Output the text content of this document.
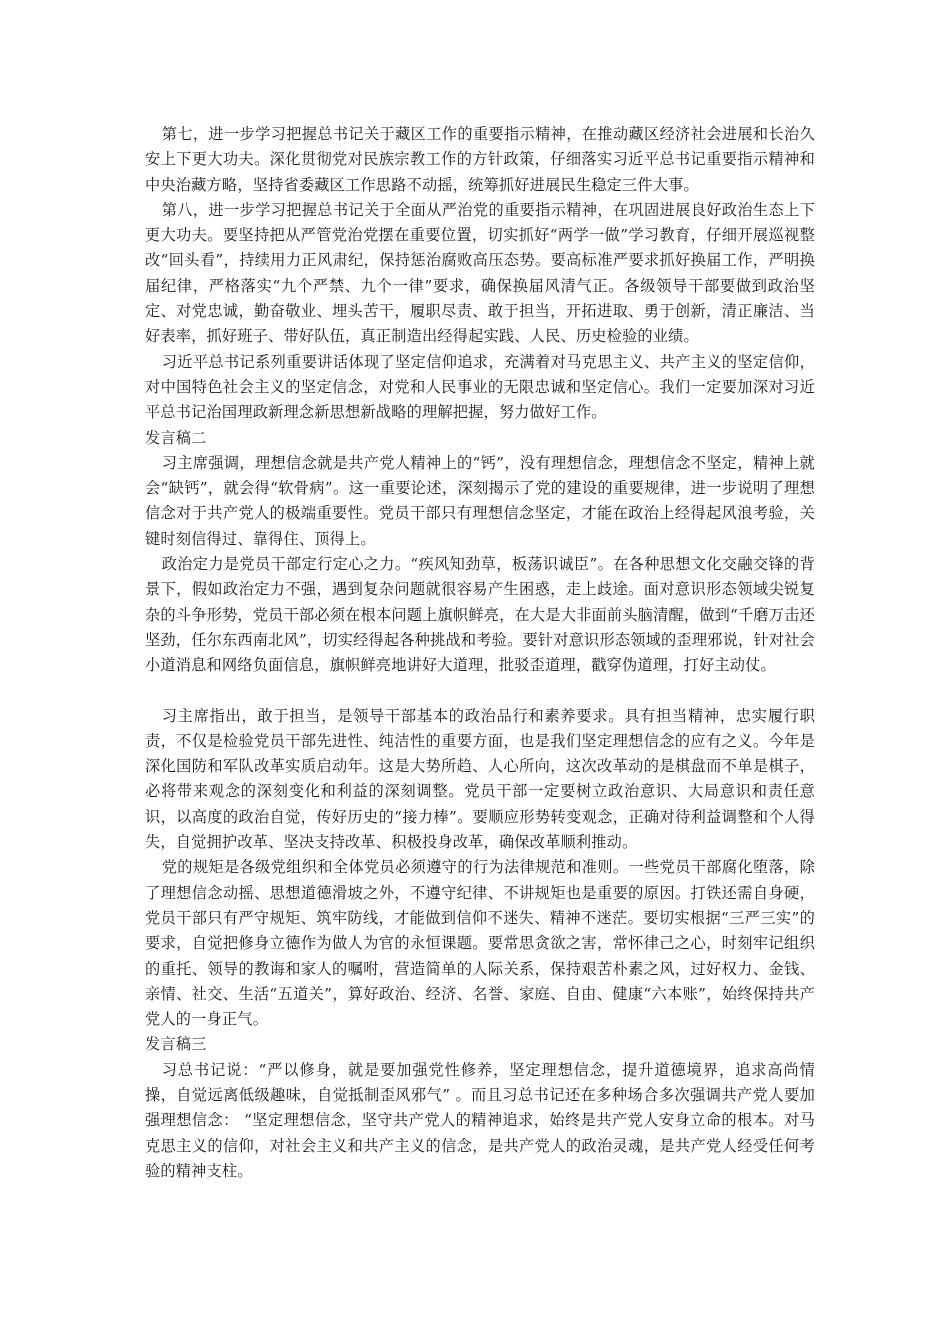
第七，进一步学习把握总书记关于藏区工作的重要指示精神，在推动藏区经济社会进展和长治久安上下更大功夫。深化贯彻党对民族宗教工作的方针政策，仔细落实习近平总书记重要指示精神和中央治藏方略，坚持省委藏区工作思路不动摇，统筹抓好进展民生稳定三件大事。

第八，进一步学习把握总书记关于全面从严治党的重要指示精神，在巩固进展良好政治生态上下更大功夫。要坚持把从严管党治党摆在重要位置，切实抓好“两学一做”学习教育，仔细开展巡视整改“回头看”，持续用力正风肃纪，保持惩治腐败高压态势。要高标准严要求抓好换届工作，严明换届纪律，严格落实“九个严禁、九个一律”要求，确保换届风清气正。各级领导干部要做到政治坚定、对党忠诚，勤奋敬业、埋头苦干，履职尽责、敢于担当，开拓进取、勇于创新，清正廉洁、当好表率，抓好班子、带好队伍，真正制造出经得起实践、人民、历史检验的业绩。

习近平总书记系列重要讲话体现了坚定信仰追求，充满着对马克思主义、共产主义的坚定信仰，对中国特色社会主义的坚定信念，对党和人民事业的无限忠诚和坚定信心。我们一定要加深对习近平总书记治国理政新理念新思想新战略的理解把握，努力做好工作。

发言稿二

习主席强调，理想信念就是共产党人精神上的“钙”，没有理想信念，理想信念不坚定，精神上就会“缺钙”，就会得“软骨病”。这一重要论述，深刻揭示了党的建设的重要规律，进一步说明了理想信念对于共产党人的极端重要性。党员干部只有理想信念坚定，才能在政治上经得起风浪考验，关键时刻信得过、靠得住、顶得上。

政治定力是党员干部定行定心之力。“疾风知劲草，板荡识诚臣”。在各种思想文化交融交锋的背景下，假如政治定力不强，遇到复杂问题就很容易产生困惑，走上歧途。面对意识形态领域尖锐复杂的斗争形势，党员干部必须在根本问题上旗帜鲜亮，在大是大非面前头脑清醒，做到“千磨万击还坚劲，任尔东西南北风”，切实经得起各种挑战和考验。要针对意识形态领域的歪理邪说，针对社会小道消息和网络负面信息，旗帜鲜亮地讲好大道理，批驳歪道理，戳穿伪道理，打好主动仗。

习主席指出，敢于担当，是领导干部基本的政治品行和素养要求。具有担当精神，忠实履行职责，不仅是检验党员干部先进性、纯洁性的重要方面，也是我们坚定理想信念的应有之义。今年是深化国防和军队改革实质启动年。这是大势所趋、人心所向，这次改革动的是棋盘而不单是棋子，必将带来观念的深刻变化和利益的深刻调整。党员干部一定要树立政治意识、大局意识和责任意识，以高度的政治自觉，传好历史的“接力棒”。要顺应形势转变观念，正确对待利益调整和个人得失，自觉拥护改革、坚决支持改革、积极投身改革，确保改革顺利推动。

党的规矩是各级党组织和全体党员必须遵守的行为法律规范和准则。一些党员干部腐化堕落，除了理想信念动摇、思想道德滑坡之外，不遵守纪律、不讲规矩也是重要的原因。打铁还需自身硬，党员干部只有严守规矩、筑牢防线，才能做到信仰不迷失、精神不迷茫。要切实根据“三严三实”的要求，自觉把修身立德作为做人为官的永恒课题。要常思贪欲之害，常怀律己之心，时刻牢记组织的重托、领导的教诲和家人的嘱咐，营造简单的人际关系，保持艰苦朴素之风，过好权力、金钱、亲情、社交、生活“五道关”，算好政治、经济、名誉、家庭、自由、健康“六本账”，始终保持共产党人的一身正气。

发言稿三

习总书记说：“严以修身，就是要加强党性修养，坚定理想信念，提升道德境界，追求高尚情操，自觉远离低级趣味，自觉抵制歪风邪气” 。而且习总书记还在多种场合多次强调共产党人要加强理想信念： “坚定理想信念，坚守共产党人的精神追求，始终是共产党人安身立命的根本。对马克思主义的信仰，对社会主义和共产主义的信念，是共产党人的政治灵魂，是共产党人经受任何考验的精神支柱。
